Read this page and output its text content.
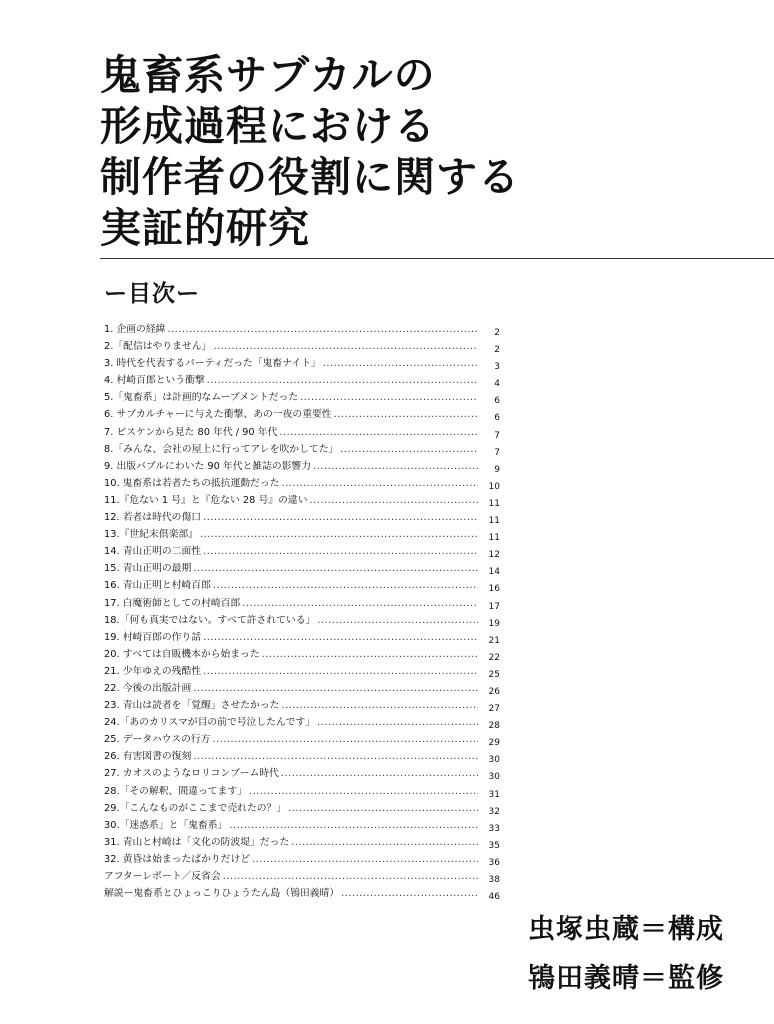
鬼畜系サブカルの
形成過程における
制作者の役割に関する
実証的研究
ー目次ー
1. 企画の経緯 .....	2
2.「配信はやりません」 .....	2
3. 時代を代表するパーティだった「鬼畜ナイト」 .....	3
4. 村崎百郎という衝撃 .....	4
5.「鬼畜系」は計画的なムーブメントだった .....	6
6. サブカルチャーに与えた衝撃、あの一夜の重要性 .....	6
7. ビスケンから見た 80 年代 / 90 年代 .....	7
8.「みんな、会社の屋上に行ってアレを吹かしてた」 .....	7
9. 出版バブルにわいた 90 年代と雑誌の影響力 .....	9
10. 鬼畜系は若者たちの抵抗運動だった .....	10
11.『危ない 1 号』と『危ない 28 号』の違い .....	11
12. 若者は時代の傷口 .....	11
13.『世紀末倶楽部』 .....	11
14. 青山正明の二面性 .....	12
15. 青山正明の最期 .....	14
16. 青山正明と村崎百郎 .....	16
17. 白魔術師としての村崎百郎 .....	17
18.「何も真実ではない。すべて許されている」 .....	19
19. 村崎百郎の作り話 .....	21
20. すべては自販機本から始まった .....	22
21. 少年ゆえの残酷性 .....	25
22. 今後の出版計画 .....	26
23. 青山は読者を「覚醒」させたかった .....	27
24.「あのカリスマが目の前で号泣したんです」 .....	28
25. データハウスの行方 .....	29
26. 有害図書の復刻 .....	30
27. カオスのようなロリコンブーム時代 .....	30
28.「その解釈、間違ってます」 .....	31
29.「こんなものがここまで売れたの？」 .....	32
30.「迷惑系」と「鬼畜系」 .....	33
31. 青山と村崎は「文化の防波堤」だった .....	35
32. 黄昏は始まったばかりだけど .....	36
アフターレポート／反省会 .....	38
解説ー鬼畜系とひょっこりひょうたん島（鴇田義晴） .....	46
虫塚虫蔵＝構成
鴇田義晴＝監修
